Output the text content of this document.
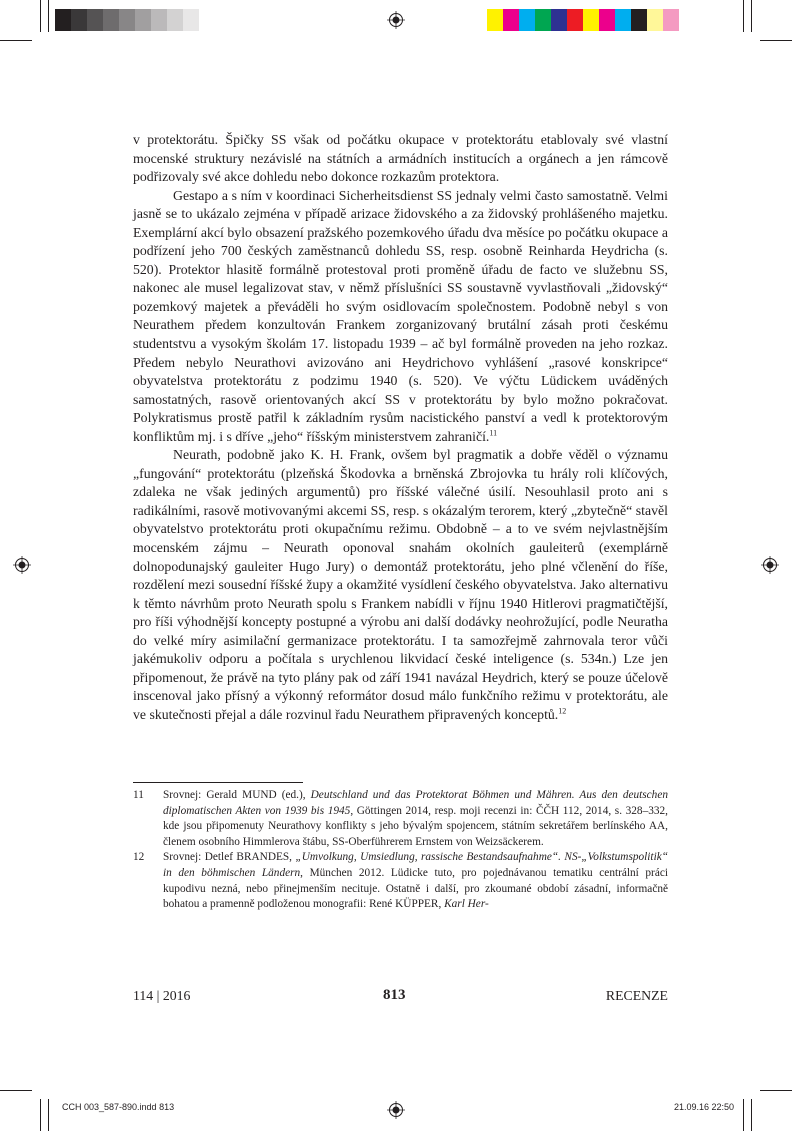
v protektorátu. Špičky SS však od počátku okupace v protektorátu etablovaly své vlastní mocenské struktury nezávislé na státních a armádních institucích a orgánech a jen rámcově podřizovaly své akce dohledu nebo dokonce rozkazům protektora.

Gestapo a s ním v koordinaci Sicherheitsdienst SS jednaly velmi často samostatně. Velmi jasně se to ukázalo zejména v případě arizace židovského a za židovský prohlášeného majetku. Exemplární akcí bylo obsazení pražského pozemkového úřadu dva měsíce po počátku okupace a podřízení jeho 700 českých zaměstnanců dohledu SS, resp. osobně Reinharda Heydricha (s. 520). Protektor hlasitě formálně protestoval proti proměně úřadu de facto ve služebnu SS, nakonec ale musel legalizovat stav, v němž příslušníci SS soustavně vyvlastňovali „židovský“ pozemkový majetek a převáděli ho svým osidlovacím společnostem. Podobně nebyl s von Neurathem předem konzultován Frankem zorganizovaný brutální zásah proti českému studentstvu a vysokým školám 17. listopadu 1939 – ač byl formálně proveden na jeho rozkaz. Předem nebylo Neurathovi avizováno ani Heydrichovo vyhlášení „rasové konskripce“ obyvatelstva protektorátu z podzimu 1940 (s. 520). Ve výčtu Lüdickem uváděných samostatných, rasově orientovaných akcí SS v protektorátu by bylo možno pokračovat. Polykratismus prostě patřil k základním rysům nacistického panství a vedl k protektorovým konfliktům mj. i s dříve „jeho“ říšským ministerstvem zahraničí.$^{11}$

Neurath, podobně jako K. H. Frank, ovšem byl pragmatik a dobře věděl o významu „fungování“ protektorátu (plzeňská Škodovka a brněnská Zbrojovka tu hrály roli klíčových, zdaleka ne však jediných argumentů) pro říšské válečné úsilí. Nesouhlasil proto ani s radikálními, rasově motivovanými akcemi SS, resp. s okázalým terorem, který „zbytečně“ stavěl obyvatelstvo protektorátu proti okupačnímu režimu. Obdobně – a to ve svém nejvlastnějším mocenském zájmu – Neurath oponoval snahám okolních gauleiterů (exemplárně dolnopodunajský gauleiter Hugo Jury) o demontáž protektorátu, jeho plné včlenění do říše, rozdělení mezi sousední říšské župy a okamžité vysídlení českého obyvatelstva. Jako alternativu k těmto návrhům proto Neurath spolu s Frankem nabídli v říjnu 1940 Hitlerovi pragmatičtější, pro říši výhodnější koncepty postupné a výrobu ani další dodávky neohrožující, podle Neuratha do velké míry asimilační germanizace protektorátu. I ta samozřejmě zahrnovala teror vůči jakémukoliv odporu a počítala s urychlenou likvidací české inteligence (s. 534n.) Lze jen připomenout, že právě na tyto plány pak od září 1941 navázal Heydrich, který se pouze účelově inscenoval jako přísný a výkonný reformátor dosud málo funkčního režimu v protektorátu, ale ve skutečnosti přejal a dále rozvinul řadu Neurathem připravených konceptů.$^{12}$

11 Srovnej: Gerald MUND (ed.), Deutschland und das Protektorat Böhmen und Mähren. Aus den deutschen diplomatischen Akten von 1939 bis 1945, Göttingen 2014, resp. moji recenzi in: ČČH 112, 2014, s. 328–332, kde jsou připomenuty Neurathovy konflikty s jeho bývalým spojencem, státním sekretářem berlínského AA, členem osobního Himmlerova štábu, SS-Oberführerem Ernstem von Weizsäckerem.
12 Srovnej: Detlef BRANDES, „Umvolkung, Umsiedlung, rassische Bestandsaufnahme“. NS-„Volkstumspolitik“ in den böhmischen Ländern, München 2012. Lüdicke tuto, pro pojednávanou tematiku centrální práci kupodivu nezná, nebo přinejmenším necituje. Ostatně i další, pro zkoumané období zásadní, informačně bohatou a pramenně podloženou monografii: René KÜPPER, Karl Her-
114 | 2016	813	RECENZE
CCH 003_587-890.indd 813	21.09.16 22:50
